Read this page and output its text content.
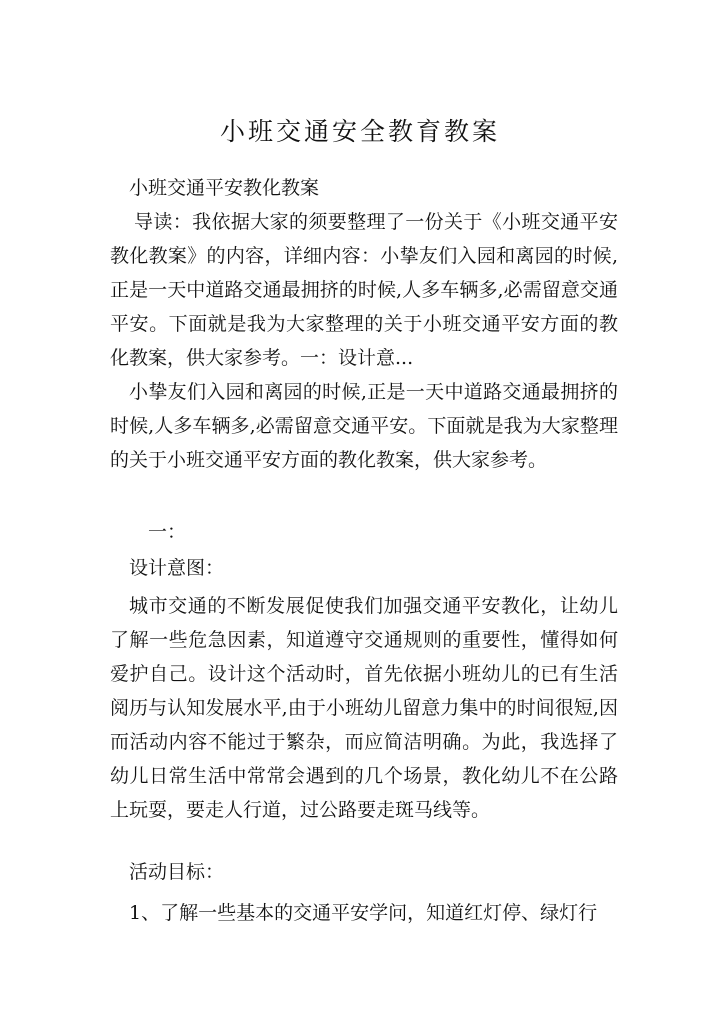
小班交通安全教育教案

小班交通平安教化教案

导读：我依据大家的须要整理了一份关于《小班交通平安教化教案》的内容，详细内容：小挚友们入园和离园的时候,正是一天中道路交通最拥挤的时候,人多车辆多,必需留意交通平安。下面就是我为大家整理的关于小班交通平安方面的教化教案，供大家参考。一：设计意...

小挚友们入园和离园的时候,正是一天中道路交通最拥挤的时候,人多车辆多,必需留意交通平安。下面就是我为大家整理的关于小班交通平安方面的教化教案，供大家参考。

一：

设计意图：

城市交通的不断发展促使我们加强交通平安教化，让幼儿了解一些危急因素，知道遵守交通规则的重要性，懂得如何爱护自己。设计这个活动时，首先依据小班幼儿的已有生活阅历与认知发展水平,由于小班幼儿留意力集中的时间很短,因而活动内容不能过于繁杂，而应简洁明确。为此，我选择了幼儿日常生活中常常会遇到的几个场景，教化幼儿不在公路上玩耍，要走人行道，过公路要走斑马线等。

活动目标：

1、了解一些基本的交通平安学问，知道红灯停、绿灯行
